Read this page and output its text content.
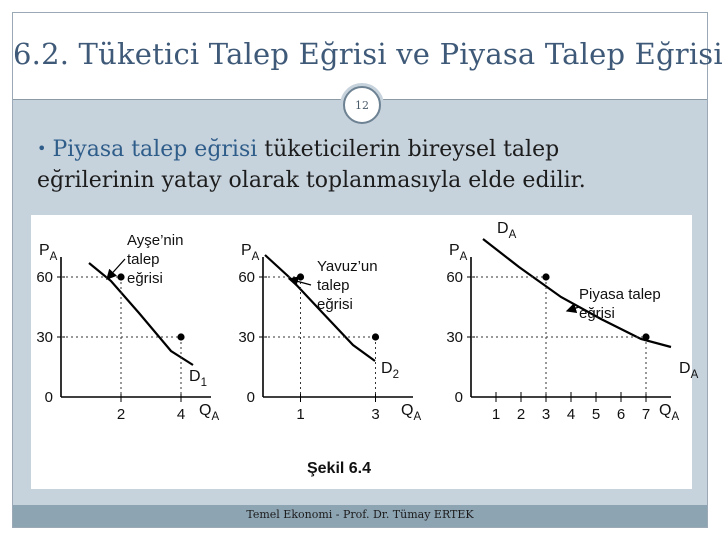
6.2. Tüketici Talep Eğrisi ve Piyasa Talep Eğrisi
12
• Piyasa talep eğrisi tüketicilerin bireysel talep
eğrilerinin yatay olarak toplanmasıyla elde edilir.
$P_A$
$Q_A$
60
30
0
2	4
Ayşe’nin
talep
eğrisi
$D_1$
$P_A$
$Q_A$
60
30
0
1	3
Yavuz’un
talep
eğrisi
$D_2$
$P_A$
$Q_A$
60
30
0
1 2 3 4 5 6 7
Piyasa talep
eğrisi
$D_A$
$D_A$
Şekil 6.4
Temel Ekonomi - Prof. Dr. Tümay ERTEK
